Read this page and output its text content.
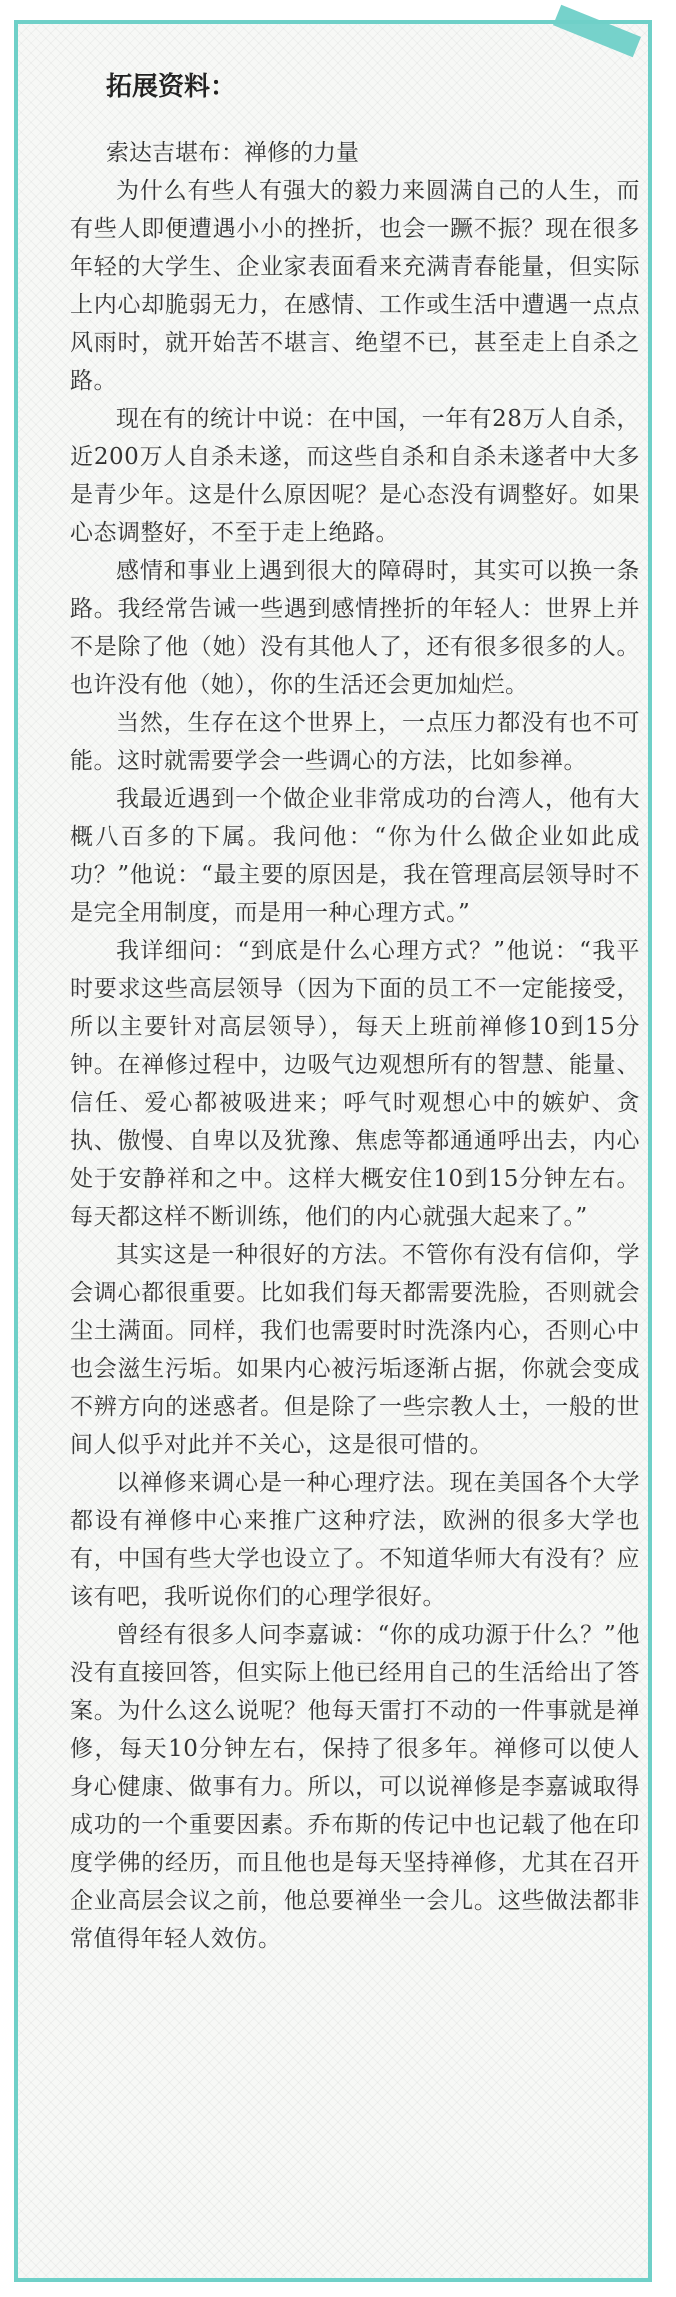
拓展资料：
索达吉堪布：禅修的力量

为什么有些人有强大的毅力来圆满自己的人生，而有些人即便遭遇小小的挫折，也会一蹶不振？现在很多年轻的大学生、企业家表面看来充满青春能量，但实际上内心却脆弱无力，在感情、工作或生活中遭遇一点点风雨时，就开始苦不堪言、绝望不已，甚至走上自杀之路。

现在有的统计中说：在中国，一年有28万人自杀，近200万人自杀未遂，而这些自杀和自杀未遂者中大多是青少年。这是什么原因呢？是心态没有调整好。如果心态调整好，不至于走上绝路。

感情和事业上遇到很大的障碍时，其实可以换一条路。我经常告诫一些遇到感情挫折的年轻人：世界上并不是除了他（她）没有其他人了，还有很多很多的人。也许没有他（她），你的生活还会更加灿烂。

当然，生存在这个世界上，一点压力都没有也不可能。这时就需要学会一些调心的方法，比如参禅。

我最近遇到一个做企业非常成功的台湾人，他有大概八百多的下属。我问他：“你为什么做企业如此成功？”他说：“最主要的原因是，我在管理高层领导时不是完全用制度，而是用一种心理方式。”

我详细问：“到底是什么心理方式？”他说：“我平时要求这些高层领导（因为下面的员工不一定能接受，所以主要针对高层领导），每天上班前禅修10到15分钟。在禅修过程中，边吸气边观想所有的智慧、能量、信任、爱心都被吸进来；呼气时观想心中的嫉妒、贪执、傲慢、自卑以及犹豫、焦虑等都通通呼出去，内心处于安静祥和之中。这样大概安住10到15分钟左右。每天都这样不断训练，他们的内心就强大起来了。”

其实这是一种很好的方法。不管你有没有信仰，学会调心都很重要。比如我们每天都需要洗脸，否则就会尘土满面。同样，我们也需要时时洗涤内心，否则心中也会滋生污垢。如果内心被污垢逐渐占据，你就会变成不辨方向的迷惑者。但是除了一些宗教人士，一般的世间人似乎对此并不关心，这是很可惜的。

以禅修来调心是一种心理疗法。现在美国各个大学都设有禅修中心来推广这种疗法，欧洲的很多大学也有，中国有些大学也设立了。不知道华师大有没有？应该有吧，我听说你们的心理学很好。

曾经有很多人问李嘉诚：“你的成功源于什么？”他没有直接回答，但实际上他已经用自己的生活给出了答案。为什么这么说呢？他每天雷打不动的一件事就是禅修，每天10分钟左右，保持了很多年。禅修可以使人身心健康、做事有力。所以，可以说禅修是李嘉诚取得成功的一个重要因素。乔布斯的传记中也记载了他在印度学佛的经历，而且他也是每天坚持禅修，尤其在召开企业高层会议之前，他总要禅坐一会儿。这些做法都非常值得年轻人效仿。
